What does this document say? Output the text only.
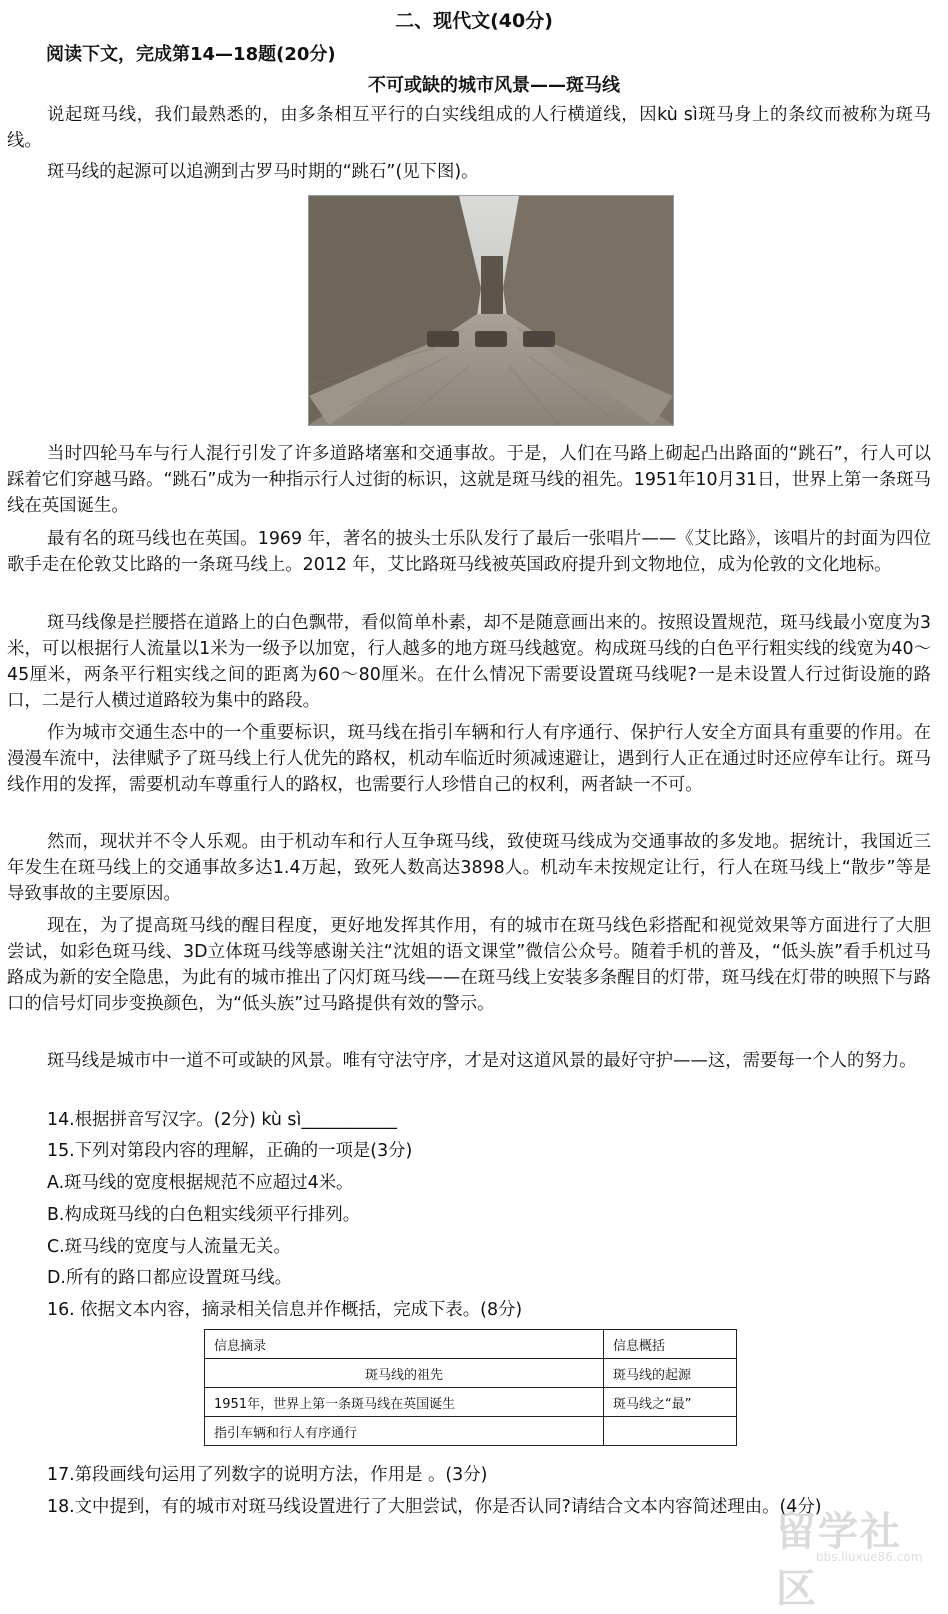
二、现代文(40分)
阅读下文，完成第14—18题(20分)
不可或缺的城市风景——斑马线

说起斑马线，我们最熟悉的，由多条相互平行的白实线组成的人行横道线，因kù sì斑马身上的条纹而被称为斑马线。

斑马线的起源可以追溯到古罗马时期的“跳石”(见下图)。

当时四轮马车与行人混行引发了许多道路堵塞和交通事故。于是，人们在马路上砌起凸出路面的“跳石”，行人可以踩着它们穿越马路。“跳石”成为一种指示行人过街的标识，这就是斑马线的祖先。1951年10月31日，世界上第一条斑马线在英国诞生。

最有名的斑马线也在英国。1969 年，著名的披头士乐队发行了最后一张唱片——《艾比路》，该唱片的封面为四位歌手走在伦敦艾比路的一条斑马线上。2012 年，艾比路斑马线被英国政府提升到文物地位，成为伦敦的文化地标。

斑马线像是拦腰搭在道路上的白色飘带，看似简单朴素，却不是随意画出来的。按照设置规范，斑马线最小宽度为3米，可以根据行人流量以1米为一级予以加宽，行人越多的地方斑马线越宽。构成斑马线的白色平行粗实线的线宽为40～45厘米，两条平行粗实线之间的距离为60～80厘米。在什么情况下需要设置斑马线呢?一是未设置人行过街设施的路口，二是行人横过道路较为集中的路段。

作为城市交通生态中的一个重要标识，斑马线在指引车辆和行人有序通行、保护行人安全方面具有重要的作用。在漫漫车流中，法律赋予了斑马线上行人优先的路权，机动车临近时须减速避让，遇到行人正在通过时还应停车让行。斑马线作用的发挥，需要机动车尊重行人的路权，也需要行人珍惜自己的权利，两者缺一不可。

然而，现状并不令人乐观。由于机动车和行人互争斑马线，致使斑马线成为交通事故的多发地。据统计，我国近三年发生在斑马线上的交通事故多达1.4万起，致死人数高达3898人。机动车未按规定让行，行人在斑马线上“散步”等是导致事故的主要原因。

现在，为了提高斑马线的醒目程度，更好地发挥其作用，有的城市在斑马线色彩搭配和视觉效果等方面进行了大胆尝试，如彩色斑马线、3D立体斑马线等感谢关注“沈姐的语文课堂”微信公众号。随着手机的普及，“低头族”看手机过马路成为新的安全隐患，为此有的城市推出了闪灯斑马线——在斑马线上安装多条醒目的灯带，斑马线在灯带的映照下与路口的信号灯同步变换颜色，为“低头族”过马路提供有效的警示。

斑马线是城市中一道不可或缺的风景。唯有守法守序，才是对这道风景的最好守护——这，需要每一个人的努力。

14.根据拼音写汉字。(2分) kù sì___________
15.下列对第段内容的理解，正确的一项是(3分)
A.斑马线的宽度根据规范不应超过4米。
B.构成斑马线的白色粗实线须平行排列。
C.斑马线的宽度与人流量无关。
D.所有的路口都应设置斑马线。
16. 依据文本内容，摘录相关信息并作概括，完成下表。(8分)
信息摘录	信息概括
斑马线的祖先	斑马线的起源
1951年，世界上第一条斑马线在英国诞生	斑马线之“最”
指引车辆和行人有序通行	
17.第段画线句运用了列数字的说明方法，作用是 。(3分)
18.文中提到，有的城市对斑马线设置进行了大胆尝试，你是否认同?请结合文本内容简述理由。(4分)
留学社区
bbs.liuxue86.com
